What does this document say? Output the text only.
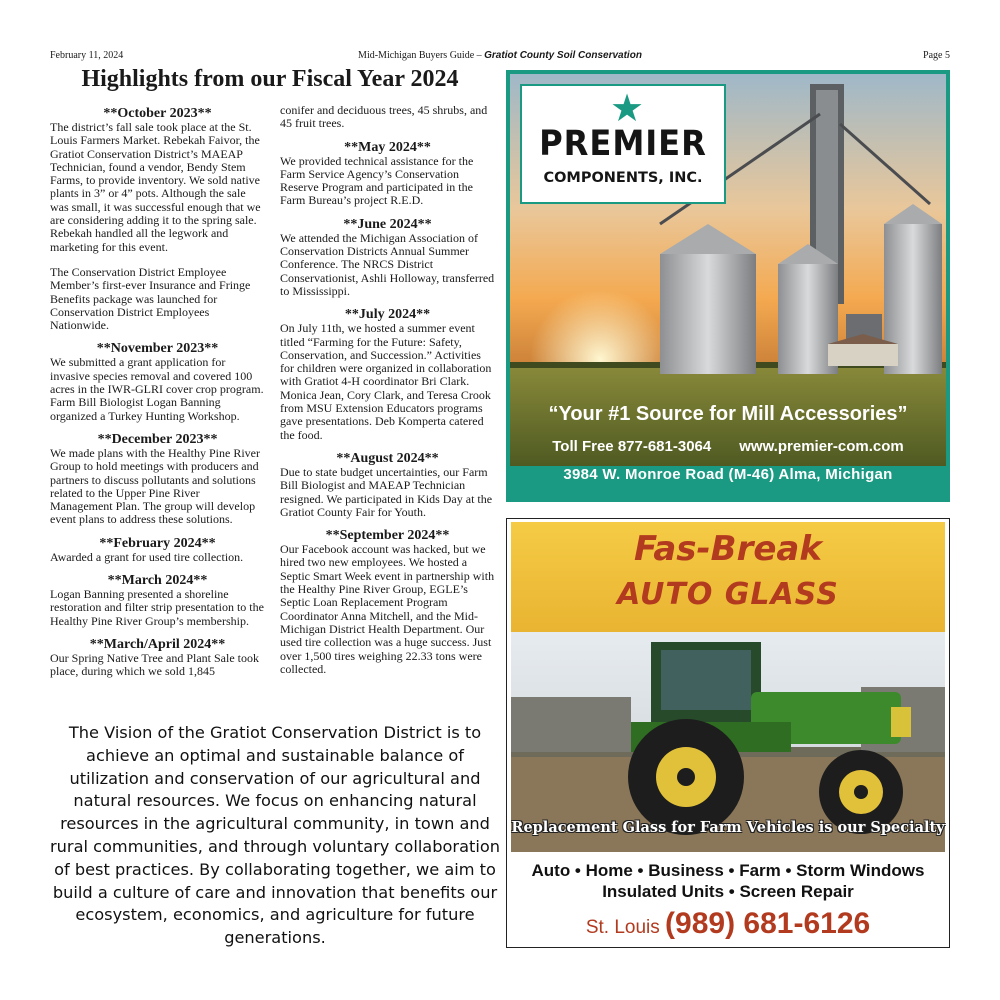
February 11, 2024	Mid-Michigan Buyers Guide – Gratiot County Soil Conservation	Page 5
Highlights from our Fiscal Year 2024
**October 2023**

The district’s fall sale took place at the St. Louis Farmers Market. Rebekah Faivor, the Gratiot Conservation District’s MAEAP Technician, found a vendor, Bendy Stem Farms, to provide inventory. We sold native plants in 3” or 4” pots. Although the sale was small, it was successful enough that we are considering adding it to the spring sale. Rebekah handled all the legwork and marketing for this event.

The Conservation District Employee Member’s first-ever Insurance and Fringe Benefits package was launched for Conservation District Employees Nationwide.

**November 2023**

We submitted a grant application for invasive species removal and covered 100 acres in the IWR-GLRI cover crop program. Farm Bill Biologist Logan Banning organized a Turkey Hunting Workshop.

**December 2023**

We made plans with the Healthy Pine River Group to hold meetings with producers and partners to discuss pollutants and solutions related to the Upper Pine River Management Plan. The group will develop event plans to address these solutions.

**February 2024**

Awarded a grant for used tire collection.

**March 2024**

Logan Banning presented a shoreline restoration and filter strip presentation to the Healthy Pine River Group’s membership.

**March/April 2024**

Our Spring Native Tree and Plant Sale took place, during which we sold 1,845

conifer and deciduous trees, 45 shrubs, and 45 fruit trees.

**May 2024**

We provided technical assistance for the Farm Service Agency’s Conservation Reserve Program and participated in the Farm Bureau’s project R.E.D.

**June 2024**

We attended the Michigan Association of Conservation Districts Annual Summer Conference. The NRCS District Conservationist, Ashli Holloway, transferred to Mississippi.

**July 2024**

On July 11th, we hosted a summer event titled “Farming for the Future: Safety, Conservation, and Succession.” Activities for children were organized in collaboration with Gratiot 4-H coordinator Bri Clark. Monica Jean, Cory Clark, and Teresa Crook from MSU Extension Educators programs gave presentations. Deb Komperta catered the food.

**August 2024**

Due to state budget uncertainties, our Farm Bill Biologist and MAEAP Technician resigned. We participated in Kids Day at the Gratiot County Fair for Youth.

**September 2024**

Our Facebook account was hacked, but we hired two new employees. We hosted a Septic Smart Week event in partnership with the Healthy Pine River Group, EGLE’s Septic Loan Replacement Program Coordinator Anna Mitchell, and the Mid-Michigan District Health Department. Our used tire collection was a huge success. Just over 1,500 tires weighing 22.33 tons were collected.

The Vision of the Gratiot Conservation District is to achieve an optimal and sustainable balance of utilization and conservation of our agricultural and natural resources. We focus on enhancing natural resources in the agricultural community, in town and rural communities, and through voluntary collaboration of best practices. By collaborating together, we aim to build a culture of care and innovation that benefits our ecosystem, economics, and agriculture for future generations.

★
PREMIER
COMPONENTS, INC.
“Your #1 Source for Mill Accessories”
Toll Free 877-681-3064 www.premier-com.com
3984 W. Monroe Road (M-46) Alma, Michigan
Fas-Break
AUTO GLASS
Replacement Glass for Farm Vehicles is our Specialty
Auto • Home • Business • Farm • Storm Windows
Insulated Units • Screen Repair
St. Louis (989) 681-6126
